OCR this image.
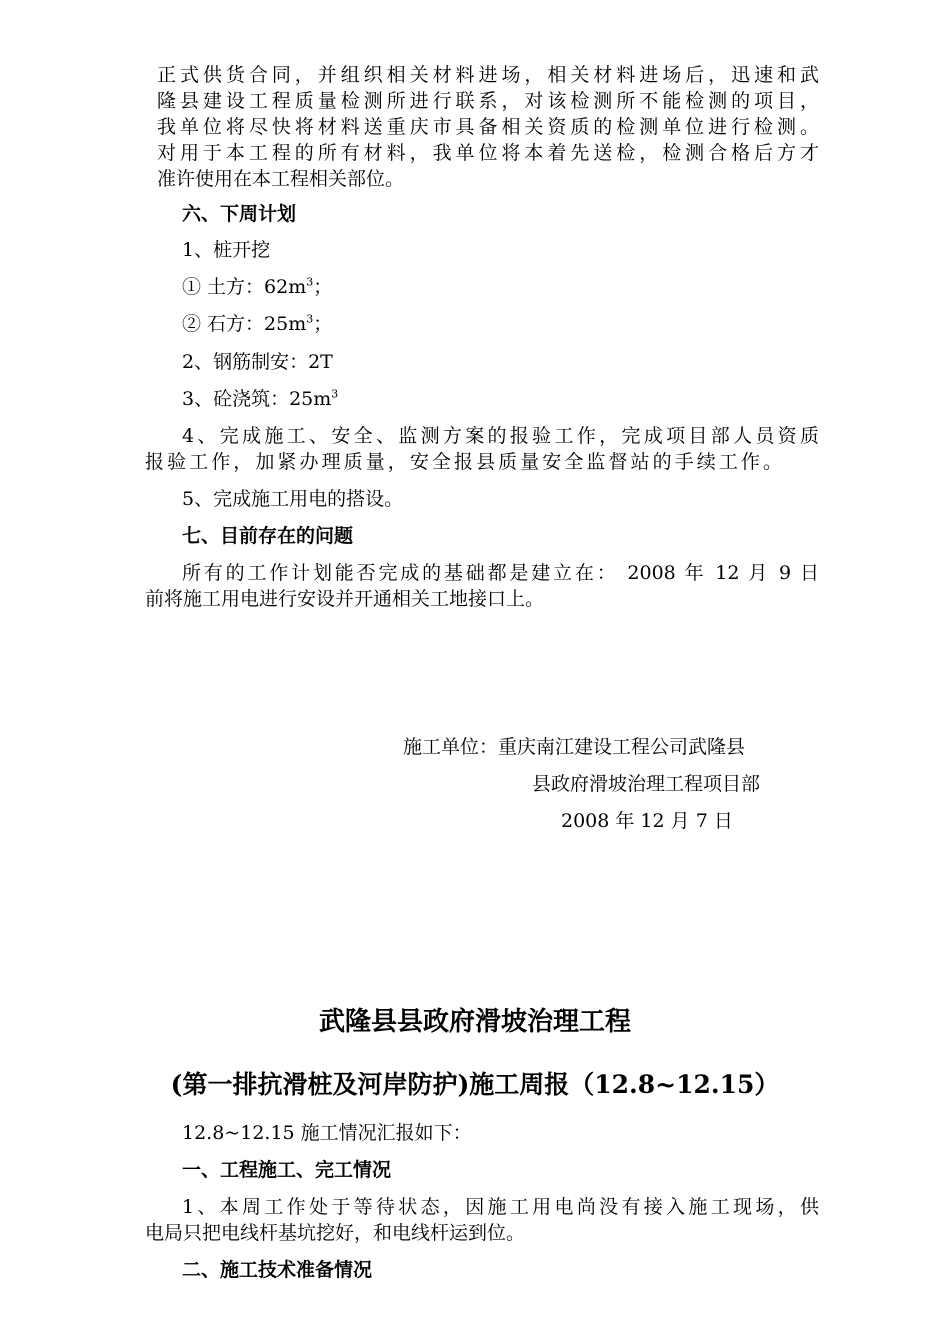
正式供货合同，并组织相关材料进场，相关材料进场后，迅速和武
隆县建设工程质量检测所进行联系，对该检测所不能检测的项目，
我单位将尽快将材料送重庆市具备相关资质的检测单位进行检测。
对用于本工程的所有材料，我单位将本着先送检，检测合格后方才
准许使用在本工程相关部位。
六、下周计划
1、桩开挖
① 土方：$62m^3$；
② 石方：$25m^3$；
2、钢筋制安：2T
3、砼浇筑：$25m^3$
4、完成施工、安全、监测方案的报验工作，完成项目部人员资质
报验工作，加紧办理质量，安全报县质量安全监督站的手续工作。
5、完成施工用电的搭设。
七、目前存在的问题
所有的工作计划能否完成的基础都是建立在： 2008 年 12 月 9 日
前将施工用电进行安设并开通相关工地接口上。
施工单位：重庆南江建设工程公司武隆县
县政府滑坡治理工程项目部
2008 年 12 月 7 日
武隆县县政府滑坡治理工程
(第一排抗滑桩及河岸防护)施工周报（12.8~12.15）
12.8~12.15 施工情况汇报如下：
一、工程施工、完工情况
1、本周工作处于等待状态，因施工用电尚没有接入施工现场，供
电局只把电线杆基坑挖好，和电线杆运到位。
二、施工技术准备情况
